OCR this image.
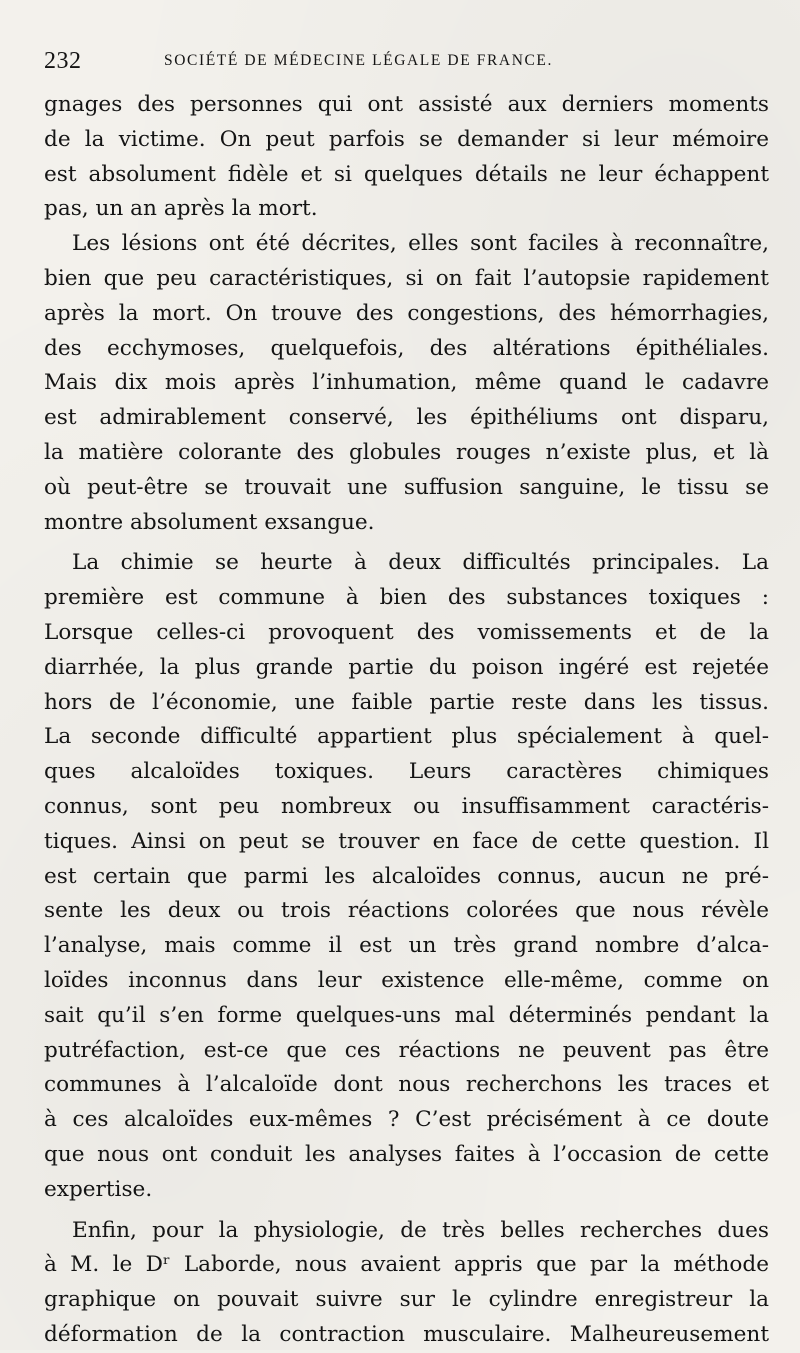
232	SOCIÉTÉ DE MÉDECINE LÉGALE DE FRANCE.
gnages des personnes qui ont assisté aux derniers moments
de la victime. On peut parfois se demander si leur mémoire
est absolument fidèle et si quelques détails ne leur échappent
pas, un an après la mort.
Les lésions ont été décrites, elles sont faciles à reconnaître,
bien que peu caractéristiques, si on fait l’autopsie rapidement
après la mort. On trouve des congestions, des hémorrhagies,
des ecchymoses, quelquefois, des altérations épithéliales.
Mais dix mois après l’inhumation, même quand le cadavre
est admirablement conservé, les épithéliums ont disparu,
la matière colorante des globules rouges n’existe plus, et là
où peut-être se trouvait une suffusion sanguine, le tissu se
montre absolument exsangue.
La chimie se heurte à deux difficultés principales. La
première est commune à bien des substances toxiques :
Lorsque celles-ci provoquent des vomissements et de la
diarrhée, la plus grande partie du poison ingéré est rejetée
hors de l’économie, une faible partie reste dans les tissus.
La seconde difficulté appartient plus spécialement à quel-
ques alcaloïdes toxiques. Leurs caractères chimiques
connus, sont peu nombreux ou insuffisamment caractéris-
tiques. Ainsi on peut se trouver en face de cette question. Il
est certain que parmi les alcaloïdes connus, aucun ne pré-
sente les deux ou trois réactions colorées que nous révèle
l’analyse, mais comme il est un très grand nombre d’alca-
loïdes inconnus dans leur existence elle-même, comme on
sait qu’il s’en forme quelques-uns mal déterminés pendant la
putréfaction, est-ce que ces réactions ne peuvent pas être
communes à l’alcaloïde dont nous recherchons les traces et
à ces alcaloïdes eux-mêmes ? C’est précisément à ce doute
que nous ont conduit les analyses faites à l’occasion de cette
expertise.
Enfin, pour la physiologie, de très belles recherches dues
à M. le Dʳ Laborde, nous avaient appris que par la méthode
graphique on pouvait suivre sur le cylindre enregistreur la
déformation de la contraction musculaire. Malheureusement
